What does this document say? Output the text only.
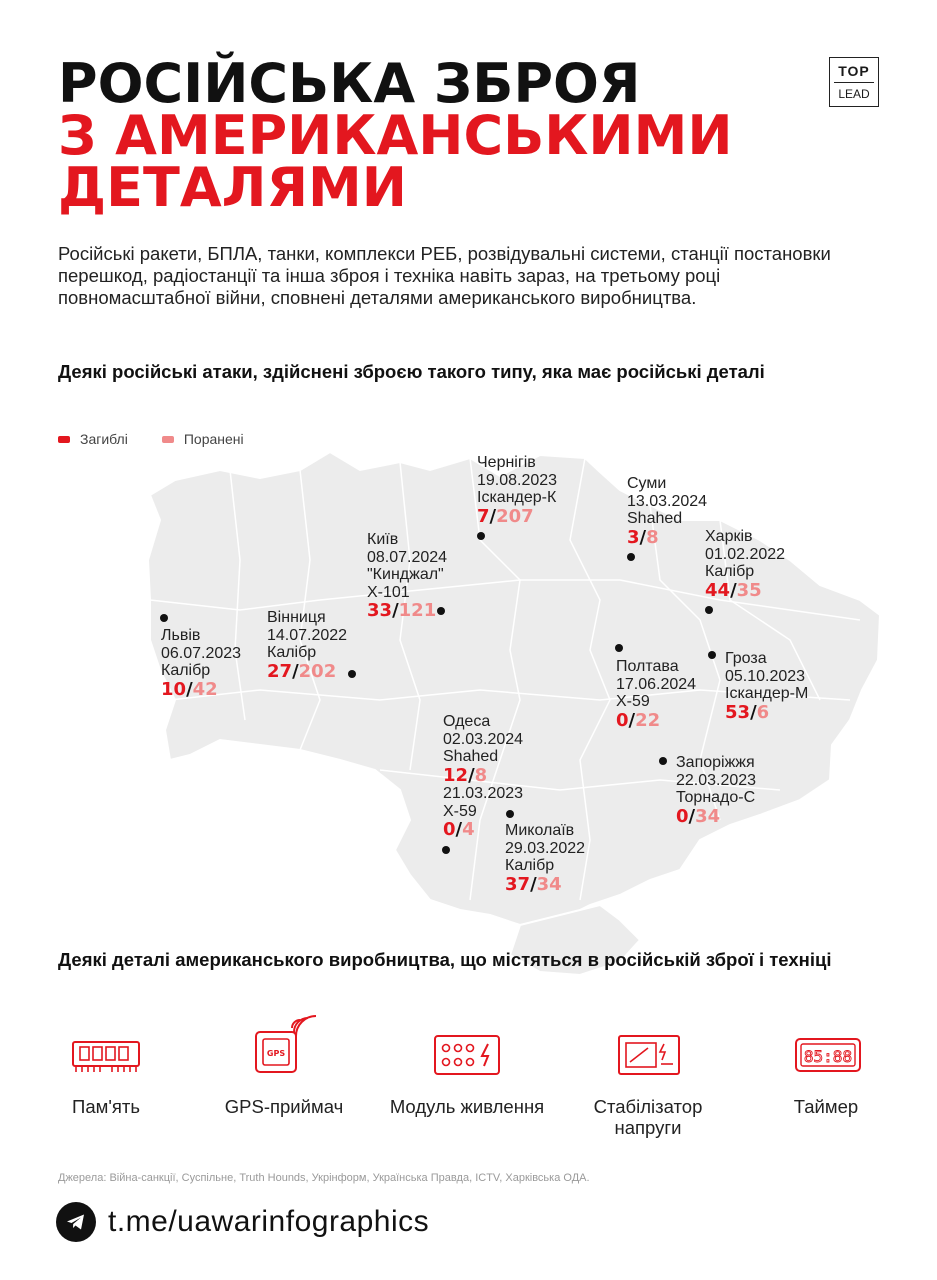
РОСІЙСЬКА ЗБРОЯ
З АМЕРИКАНСЬКИМИ
ДЕТАЛЯМИ
TOP
LEAD
Російські ракети, БПЛА, танки, комплекси РЕБ, розвідувальні системи, станції постановки перешкод, радіостанції та інша зброя і техніка навіть зараз, на третьому році повномасштабної війни, сповнені деталями американського виробництва.
Деякі російські атаки, здійснені зброєю такого типу, яка має російські деталі
Загиблі	Поранені
Чернігів
19.08.2023
Іскандер-К
7/207
Суми
13.03.2024
Shahed
3/8	Харків
01.02.2022
Калібр
44/35
Київ
08.07.2024
"Кинджал"
Х-101
33/121
Вінниця
14.07.2022
Калібр
27/202
Львів
06.07.2023
Калібр
10/42
Полтава
17.06.2024
Х-59
0/22
Гроза
05.10.2023
Іскандер-М
53/6
Одеса
02.03.2024
Shahed
12/8
21.03.2023
Х-59
0/4
Запоріжжя
22.03.2023
Торнадо-С
0/34
Миколаїв
29.03.2022
Калібр
37/34
Деякі деталі американського виробництва, що містяться в російській зброї і техніці
GPS	85:88
Пам'ять	GPS-приймач	Модуль живлення	Стабілізатор напруги
Таймер
Джерела: Війна-санкції, Суспільне, Truth Hounds, Укрінформ, Українська Правда, ICTV, Харківська ОДА.
t.me/uawarinfographics
